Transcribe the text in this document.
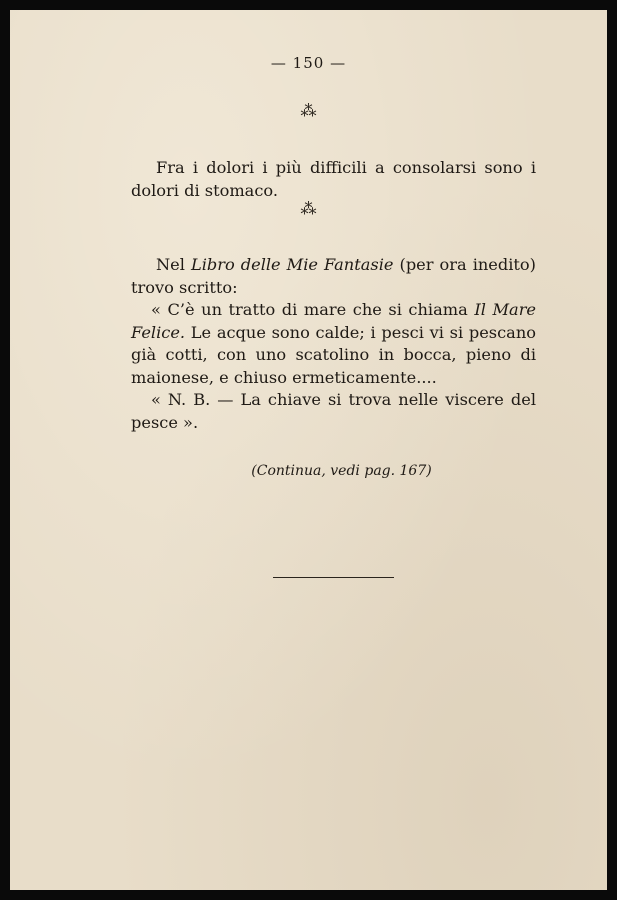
— 150 —
⁂
Fra i dolori i più difficili a consolarsi sono i dolori di stomaco.
⁂
Nel Libro delle Mie Fantasie (per ora inedito) trovo scritto:
« C’è un tratto di mare che si chiama Il Mare Felice. Le acque sono calde; i pesci vi si pescano già cotti, con uno scatolino in bocca, pieno di maionese, e chiuso ermeticamente....
« N. B. — La chiave si trova nelle viscere del pesce ».
(Continua, vedi pag. 167)
